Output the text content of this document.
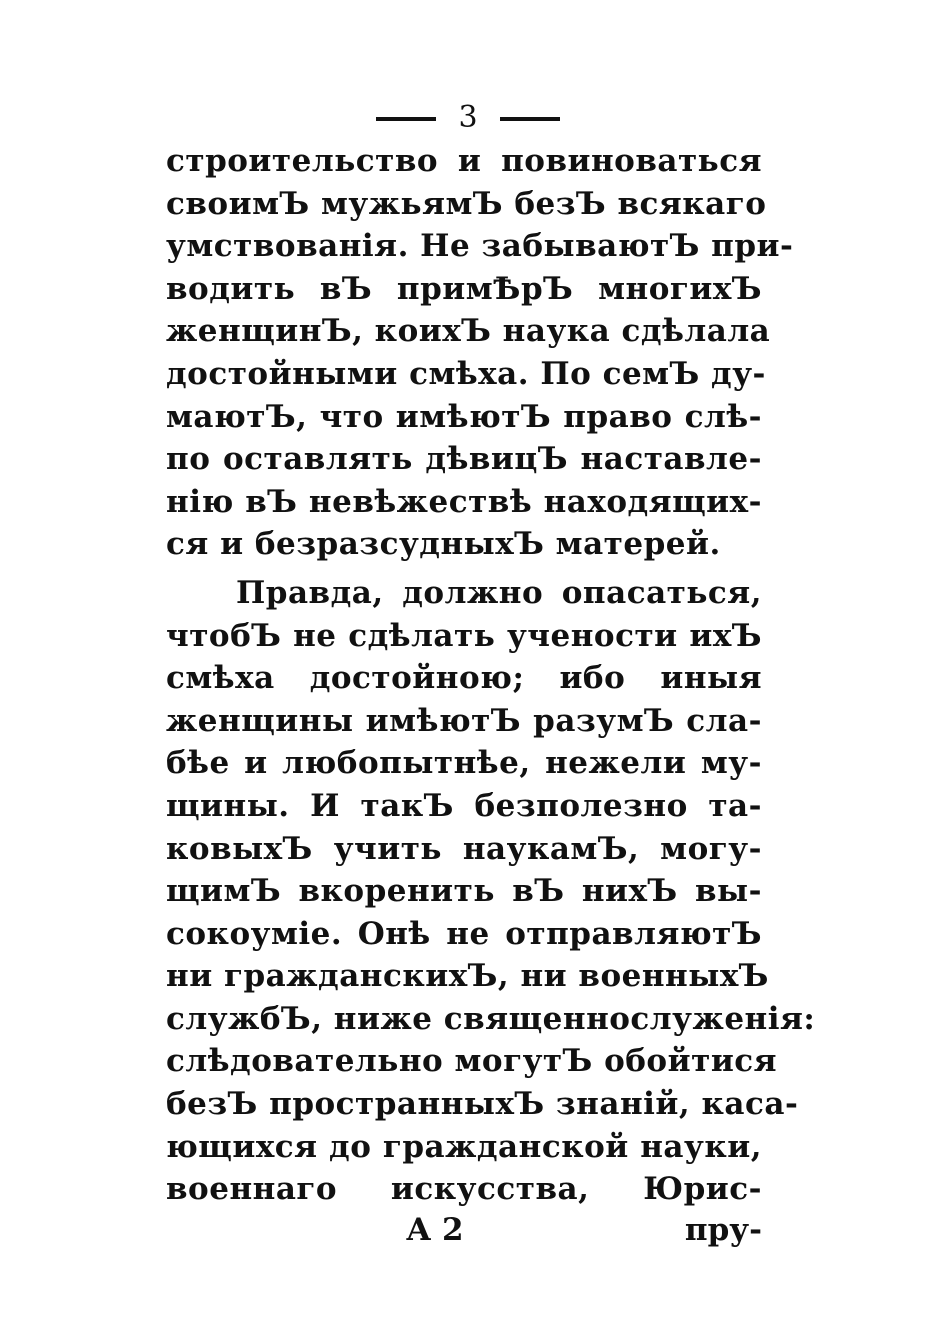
3
строительство и повиноваться
своимЪ мужьямЪ безЪ всякаго
умствованія. Не забываютЪ при-
водить вЪ примѢрЪ многихЪ
женщинЪ, коихЪ наука сдѣлала
достойными смѣха. По семЪ ду-
маютЪ, что имѣютЪ право слѣ-
по оставлять дѣвицЪ наставле-
нію вЪ невѣжествѣ находящих-
ся и безразсудныхЪ матерей.
Правда, должно опасаться,
чтобЪ не сдѣлать учености ихЪ
смѣха достойною; ибо иныя
женщины имѣютЪ разумЪ сла-
бѣе и любопытнѣе, нежели му-
щины. И такЪ безполезно та-
ковыхЪ учить наукамЪ, могу-
щимЪ вкоренить вЪ нихЪ вы-
сокоуміе. Онѣ не отправляютЪ
ни гражданскихЪ, ни военныхЪ
службЪ, ниже священнослуженія:
слѣдовательно могутЪ обойтися
безЪ пространныхЪ знаній, каса-
ющихся до гражданской науки,
военнаго искусства, Юрис-
А 2	пру-
